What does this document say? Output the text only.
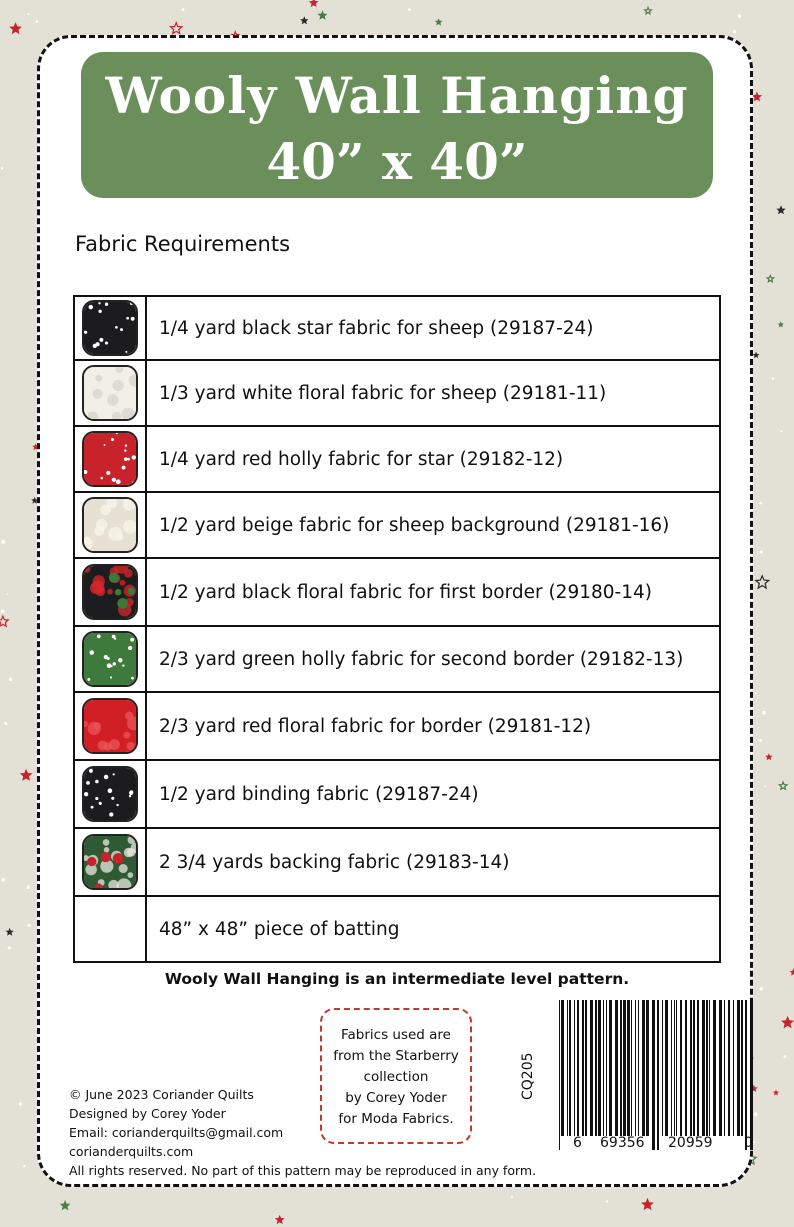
Wooly Wall Hanging
40” x 40”
Fabric Requirements
	1/4 yard black star fabric for sheep (29187-24)

	1/3 yard white floral fabric for sheep (29181-11)

	1/4 yard red holly fabric for star (29182-12)

	1/2 yard beige fabric for sheep background (29181-16)

	1/2 yard black floral fabric for first border (29180-14)

	2/3 yard green holly fabric for second border (29182-13)

	2/3 yard red floral fabric for border (29181-12)

	1/2 yard binding fabric (29187-24)

	2 3/4 yards backing fabric (29183-14)
	48” x 48” piece of batting
Wooly Wall Hanging is an intermediate level pattern.
© June 2023 Coriander Quilts
Designed by Corey Yoder
Email: corianderquilts@gmail.com
corianderquilts.com
All rights reserved. No part of this pattern may be reproduced in any form.
Fabrics used are
from the Starberry
collection
by Corey Yoder
for Moda Fabrics.
CQ205
6 69356 20959 0
